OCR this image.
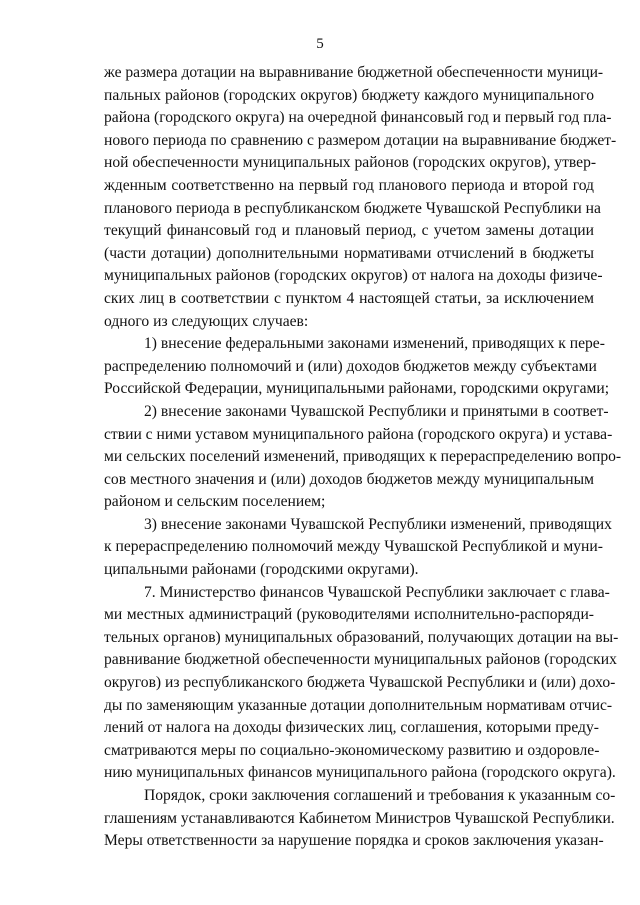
5
же размера дотации на выравнивание бюджетной обеспеченности муници-
пальных районов (городских округов) бюджету каждого муниципального
района (городского округа) на очередной финансовый год и первый год пла-
нового периода по сравнению с размером дотации на выравнивание бюджет-
ной обеспеченности муниципальных районов (городских округов), утвер-
жденным соответственно на первый год планового периода и второй год
планового периода в республиканском бюджете Чувашской Республики на
текущий финансовый год и плановый период, с учетом замены дотации
(части дотации) дополнительными нормативами отчислений в бюджеты
муниципальных районов (городских округов) от налога на доходы физиче-
ских лиц в соответствии с пунктом 4 настоящей статьи, за исключением
одного из следующих случаев:
1) внесение федеральными законами изменений, приводящих к пере-
распределению полномочий и (или) доходов бюджетов между субъектами
Российской Федерации, муниципальными районами, городскими округами;
2) внесение законами Чувашской Республики и принятыми в соответ-
ствии с ними уставом муниципального района (городского округа) и устава-
ми сельских поселений изменений, приводящих к перераспределению вопро-
сов местного значения и (или) доходов бюджетов между муниципальным
районом и сельским поселением;
3) внесение законами Чувашской Республики изменений, приводящих
к перераспределению полномочий между Чувашской Республикой и муни-
ципальными районами (городскими округами).
7. Министерство финансов Чувашской Республики заключает с глава-
ми местных администраций (руководителями исполнительно-распоряди-
тельных органов) муниципальных образований, получающих дотации на вы-
равнивание бюджетной обеспеченности муниципальных районов (городских
округов) из республиканского бюджета Чувашской Республики и (или) дохо-
ды по заменяющим указанные дотации дополнительным нормативам отчис-
лений от налога на доходы физических лиц, соглашения, которыми преду-
сматриваются меры по социально-экономическому развитию и оздоровле-
нию муниципальных финансов муниципального района (городского округа).
Порядок, сроки заключения соглашений и требования к указанным со-
глашениям устанавливаются Кабинетом Министров Чувашской Республики.
Меры ответственности за нарушение порядка и сроков заключения указан-
